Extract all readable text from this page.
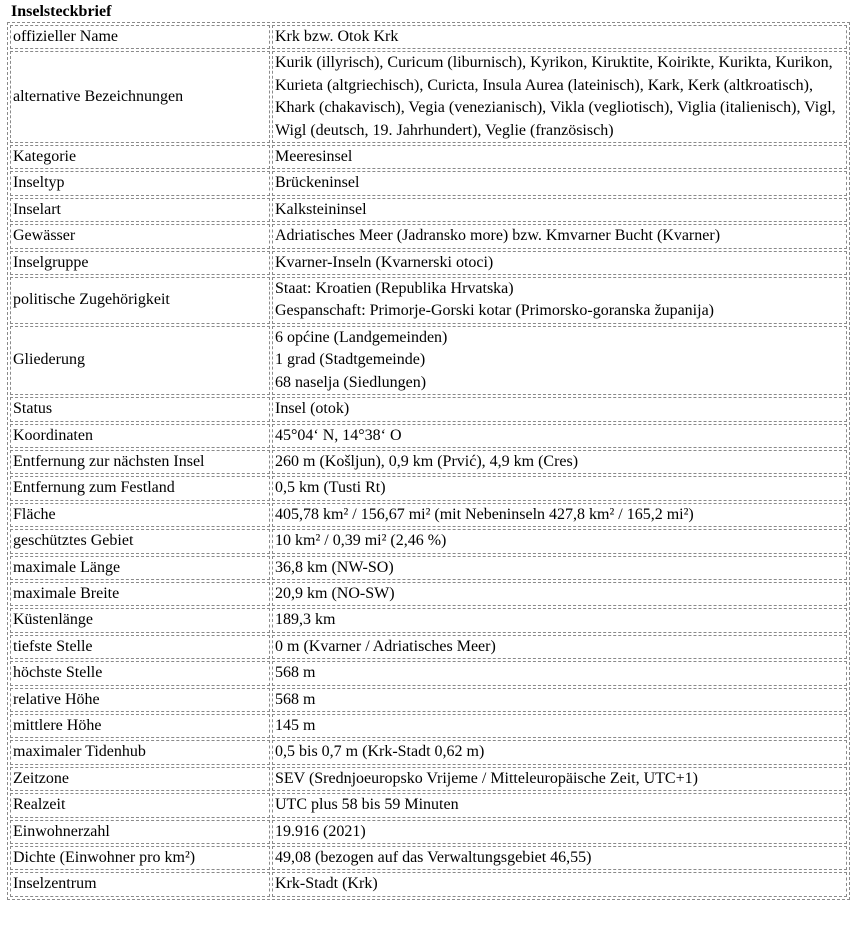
Inselsteckbrief
offizieller Name	Krk bzw. Otok Krk

alternative Bezeichnungen	Kurik (illyrisch), Curicum (liburnisch), Kyrikon, Kiruktite, Koirikte, Kurikta, Kurikon, Kurieta (altgriechisch), Curicta, Insula Aurea (lateinisch), Kark, Kerk (altkroatisch), Khark (chakavisch), Vegia (venezianisch), Vikla (vegliotisch), Viglia (italienisch), Vigl, Wigl (deutsch, 19. Jahrhundert), Veglie (französisch)

Kategorie	Meeresinsel

Inseltyp	Brückeninsel

Inselart	Kalksteininsel

Gewässer	Adriatisches Meer (Jadransko more) bzw. Kmvarner Bucht (Kvarner)

Inselgruppe	Kvarner-Inseln (Kvarnerski otoci)

politische Zugehörigkeit	Staat: Kroatien (Republika Hrvatska)
Gespanschaft: Primorje-Gorski kotar (Primorsko-goranska županija)

Gliederung	6 općine (Landgemeinden)
1 grad (Stadtgemeinde)
68 naselja (Siedlungen)

Status	Insel (otok)

Koordinaten	45°04‘ N, 14°38‘ O

Entfernung zur nächsten Insel	260 m (Košljun), 0,9 km (Prvić), 4,9 km (Cres)

Entfernung zum Festland	0,5 km (Tusti Rt)

Fläche	405,78 km² / 156,67 mi² (mit Nebeninseln 427,8 km² / 165,2 mi²)

geschütztes Gebiet	10 km² / 0,39 mi² (2,46 %)

maximale Länge	36,8 km (NW-SO)

maximale Breite	20,9 km (NO-SW)

Küstenlänge	189,3 km

tiefste Stelle	0 m (Kvarner / Adriatisches Meer)

höchste Stelle	568 m

relative Höhe	568 m

mittlere Höhe	145 m

maximaler Tidenhub	0,5 bis 0,7 m (Krk-Stadt 0,62 m)

Zeitzone	SEV (Srednjoeuropsko Vrijeme / Mitteleuropäische Zeit, UTC+1)

Realzeit	UTC plus 58 bis 59 Minuten

Einwohnerzahl	19.916 (2021)

Dichte (Einwohner pro km²)	49,08 (bezogen auf das Verwaltungsgebiet 46,55)

Inselzentrum	Krk-Stadt (Krk)
